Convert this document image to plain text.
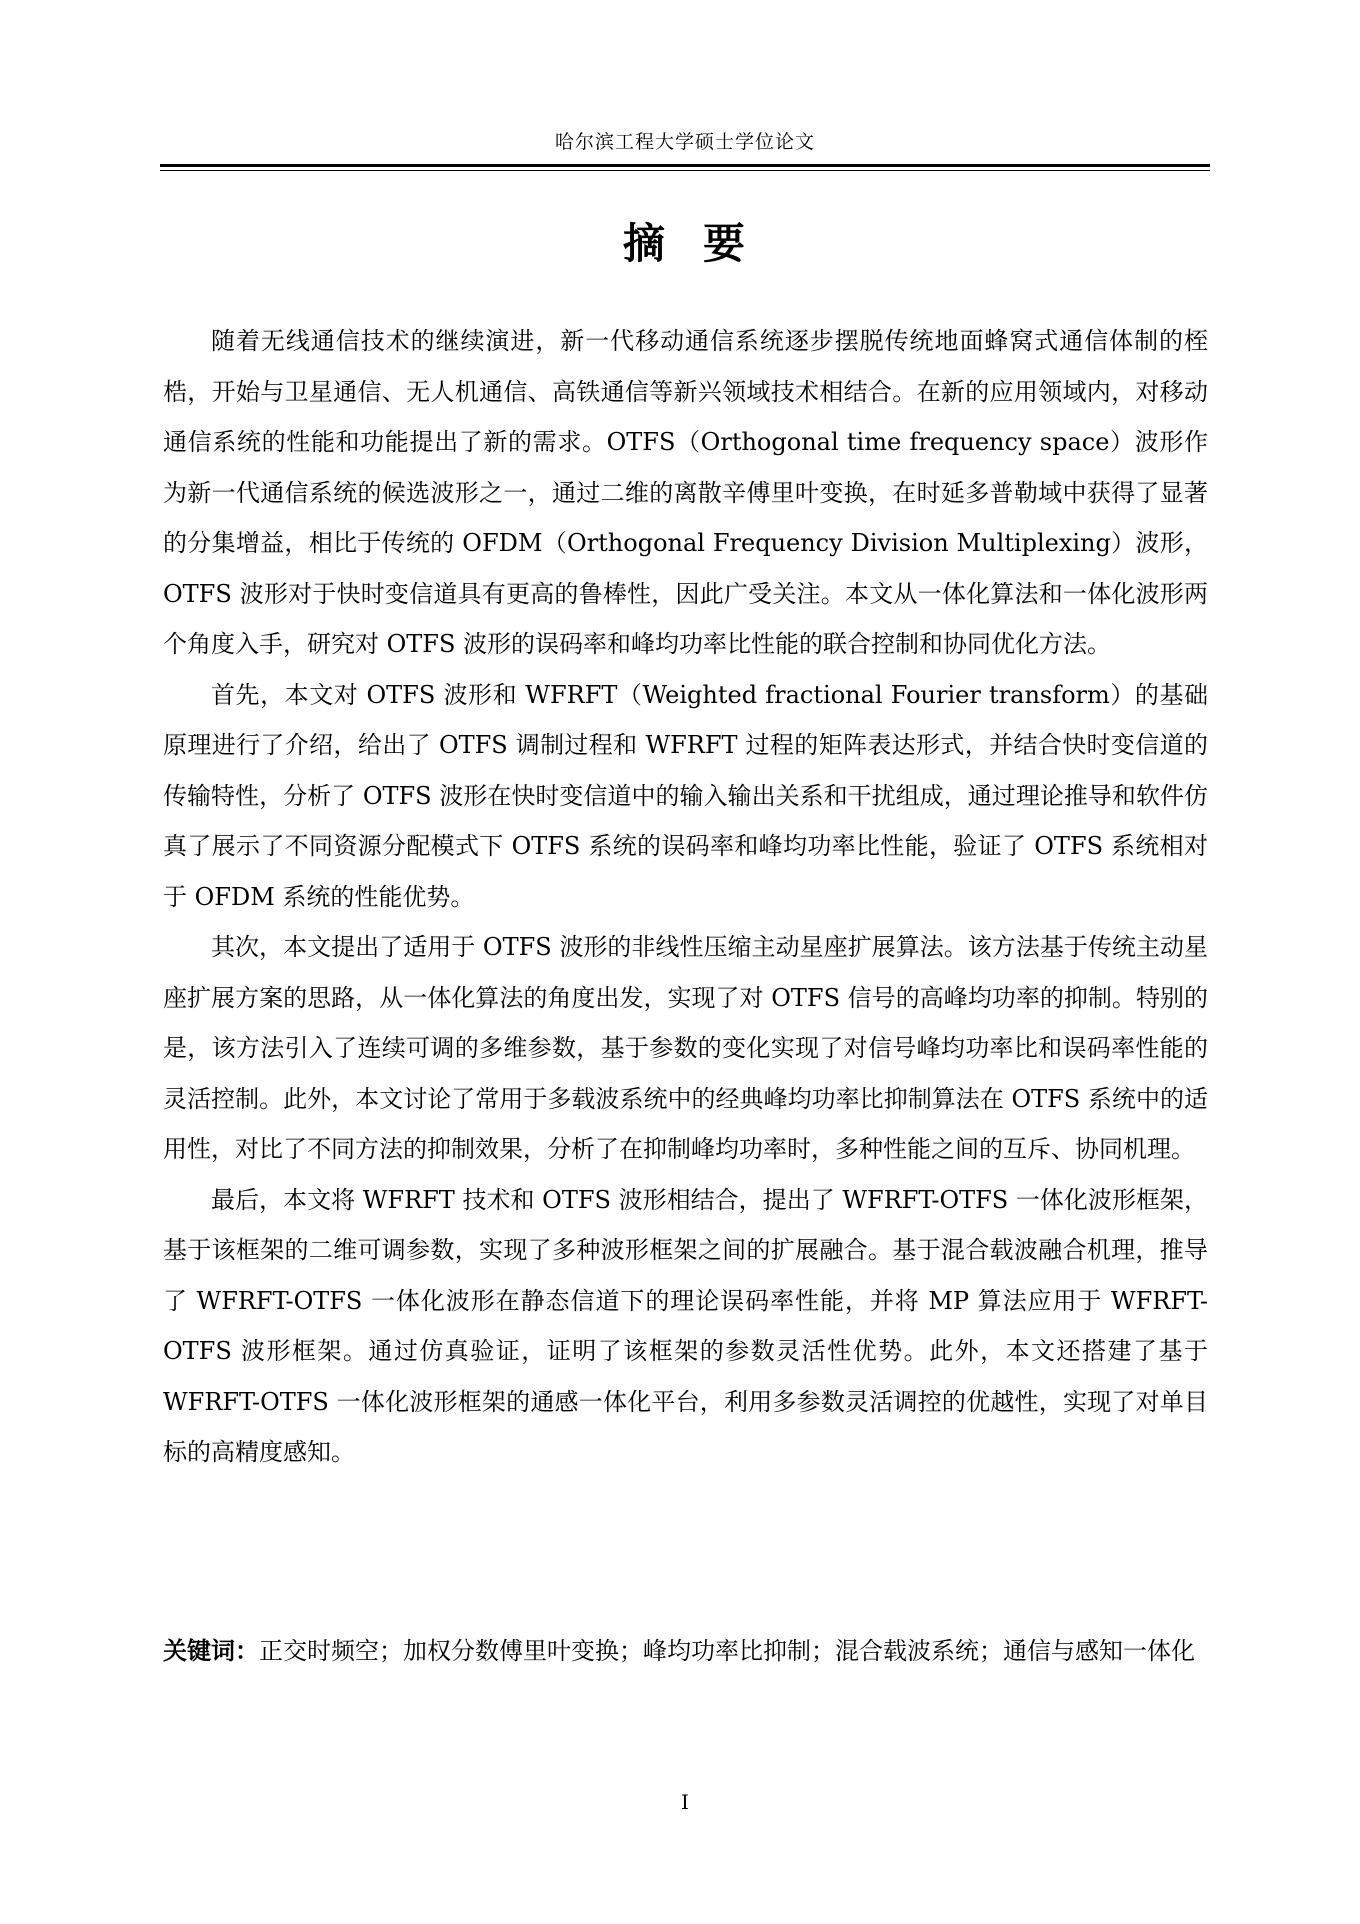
哈尔滨工程大学硕士学位论文
摘 要

随着无线通信技术的继续演进，新一代移动通信系统逐步摆脱传统地面蜂窝式通信体制的桎梏，开始与卫星通信、无人机通信、高铁通信等新兴领域技术相结合。在新的应用领域内，对移动通信系统的性能和功能提出了新的需求。OTFS（Orthogonal time frequency space）波形作为新一代通信系统的候选波形之一，通过二维的离散辛傅里叶变换，在时延多普勒域中获得了显著的分集增益，相比于传统的 OFDM（Orthogonal Frequency Division Multiplexing）波形，OTFS 波形对于快时变信道具有更高的鲁棒性，因此广受关注。本文从一体化算法和一体化波形两个角度入手，研究对 OTFS 波形的误码率和峰均功率比性能的联合控制和协同优化方法。

首先，本文对 OTFS 波形和 WFRFT（Weighted fractional Fourier transform）的基础原理进行了介绍，给出了 OTFS 调制过程和 WFRFT 过程的矩阵表达形式，并结合快时变信道的传输特性，分析了 OTFS 波形在快时变信道中的输入输出关系和干扰组成，通过理论推导和软件仿真了展示了不同资源分配模式下 OTFS 系统的误码率和峰均功率比性能，验证了 OTFS 系统相对于 OFDM 系统的性能优势。

其次，本文提出了适用于 OTFS 波形的非线性压缩主动星座扩展算法。该方法基于传统主动星座扩展方案的思路，从一体化算法的角度出发，实现了对 OTFS 信号的高峰均功率的抑制。特别的是，该方法引入了连续可调的多维参数，基于参数的变化实现了对信号峰均功率比和误码率性能的灵活控制。此外，本文讨论了常用于多载波系统中的经典峰均功率比抑制算法在 OTFS 系统中的适用性，对比了不同方法的抑制效果，分析了在抑制峰均功率时，多种性能之间的互斥、协同机理。

最后，本文将 WFRFT 技术和 OTFS 波形相结合，提出了 WFRFT-OTFS 一体化波形框架，基于该框架的二维可调参数，实现了多种波形框架之间的扩展融合。基于混合载波融合机理，推导了 WFRFT-OTFS 一体化波形在静态信道下的理论误码率性能，并将 MP 算法应用于 WFRFT-OTFS 波形框架。通过仿真验证，证明了该框架的参数灵活性优势。此外，本文还搭建了基于 WFRFT-OTFS 一体化波形框架的通感一体化平台，利用多参数灵活调控的优越性，实现了对单目标的高精度感知。

关键词：正交时频空；加权分数傅里叶变换；峰均功率比抑制；混合载波系统；通信与感知一体化

I
